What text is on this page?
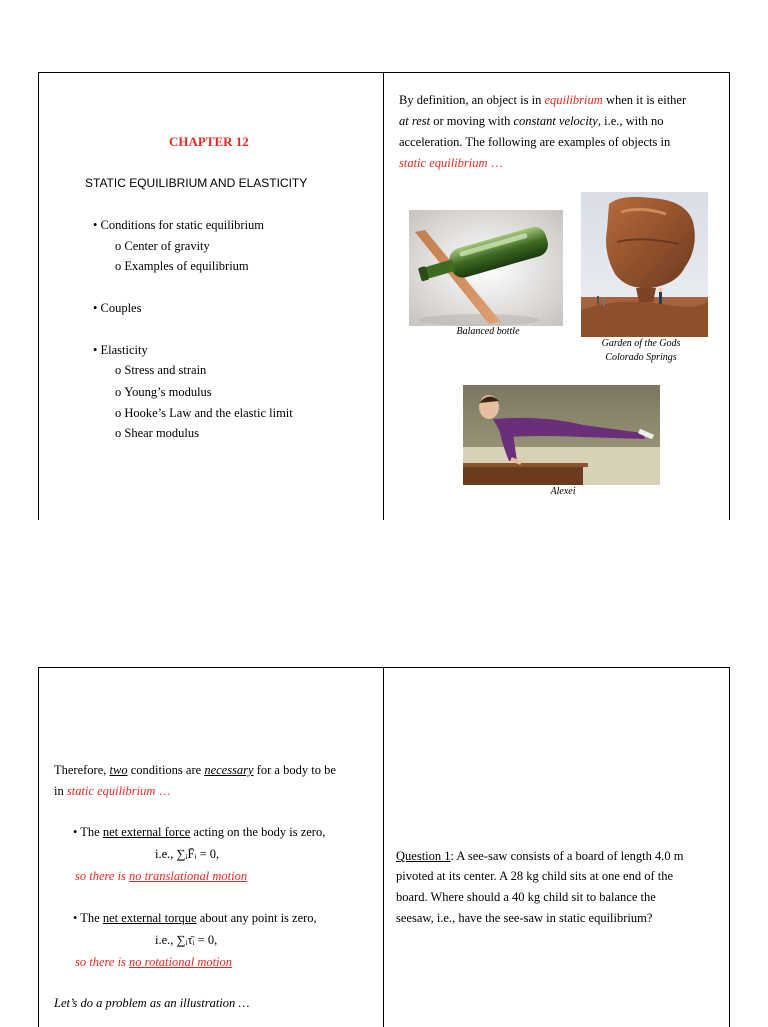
CHAPTER 12
STATIC EQUILIBRIUM AND ELASTICITY
• Conditions for static equilibrium
ο Center of gravity
ο Examples of equilibrium
• Couples
• Elasticity
ο Stress and strain
ο Young’s modulus
ο Hooke’s Law and the elastic limit
ο Shear modulus
By definition, an object is in equilibrium when it is either
at rest or moving with constant velocity, i.e., with no
acceleration. The following are examples of objects in
static equilibrium …
Balanced bottle
Garden of the Gods
Colorado Springs
Alexei
Therefore, two conditions are necessary for a body to be
in static equilibrium …
• The net external force acting on the body is zero,
i.e., ∑ᵢF̄ᵢ = 0,
so there is no translational motion
• The net external torque about any point is zero,
i.e., ∑ᵢτ̄ᵢ = 0,
so there is no rotational motion
Let’s do a problem as an illustration …
Question 1: A see-saw consists of a board of length 4.0 m
pivoted at its center. A 28 kg child sits at one end of the
board. Where should a 40 kg child sit to balance the
seesaw, i.e., have the see-saw in static equilibrium?
